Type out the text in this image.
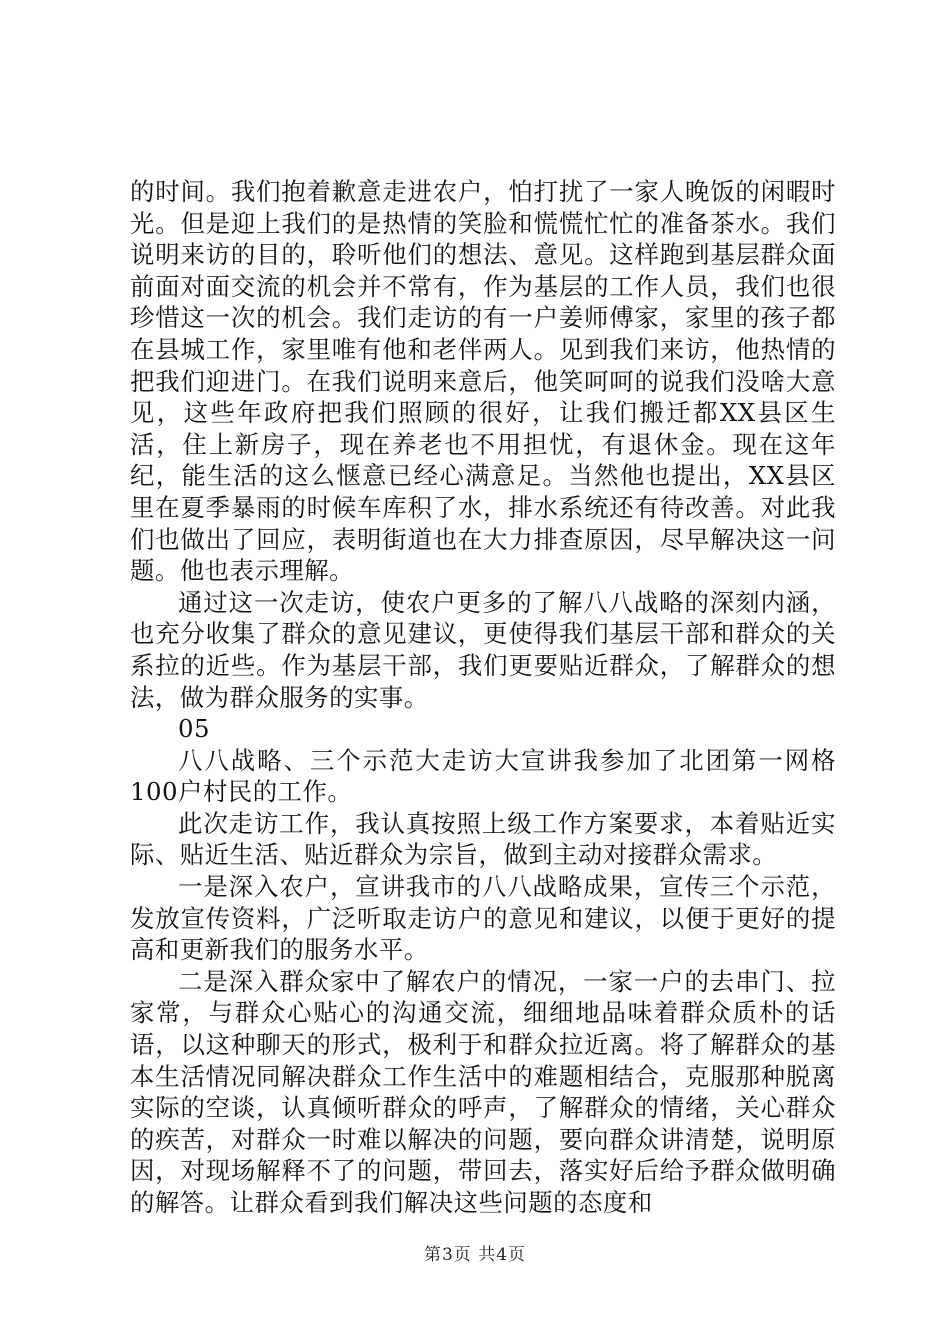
的时间。我们抱着歉意走进农户，怕打扰了一家人晚饭的闲暇时光。但是迎上我们的是热情的笑脸和慌慌忙忙的准备茶水。我们说明来访的目的，聆听他们的想法、意见。这样跑到基层群众面前面对面交流的机会并不常有，作为基层的工作人员，我们也很珍惜这一次的机会。我们走访的有一户姜师傅家，家里的孩子都在县城工作，家里唯有他和老伴两人。见到我们来访，他热情的把我们迎进门。在我们说明来意后，他笑呵呵的说我们没啥大意见，这些年政府把我们照顾的很好，让我们搬迁都XX县区生活，住上新房子，现在养老也不用担忧，有退休金。现在这年纪，能生活的这么惬意已经心满意足。当然他也提出，XX县区里在夏季暴雨的时候车库积了水，排水系统还有待改善。对此我们也做出了回应，表明街道也在大力排查原因，尽早解决这一问题。他也表示理解。

通过这一次走访，使农户更多的了解八八战略的深刻内涵，也充分收集了群众的意见建议，更使得我们基层干部和群众的关系拉的近些。作为基层干部，我们更要贴近群众，了解群众的想法，做为群众服务的实事。

05

八八战略、三个示范大走访大宣讲我参加了北团第一网格100户村民的工作。

此次走访工作，我认真按照上级工作方案要求，本着贴近实际、贴近生活、贴近群众为宗旨，做到主动对接群众需求。

一是深入农户，宣讲我市的八八战略成果，宣传三个示范，发放宣传资料，广泛听取走访户的意见和建议，以便于更好的提高和更新我们的服务水平。

二是深入群众家中了解农户的情况，一家一户的去串门、拉家常，与群众心贴心的沟通交流，细细地品味着群众质朴的话语，以这种聊天的形式，极利于和群众拉近离。将了解群众的基本生活情况同解决群众工作生活中的难题相结合，克服那种脱离实际的空谈，认真倾听群众的呼声，了解群众的情绪，关心群众的疾苦，对群众一时难以解决的问题，要向群众讲清楚，说明原因，对现场解释不了的问题，带回去，落实好后给予群众做明确的解答。让群众看到我们解决这些问题的态度和

第3页 共4页
